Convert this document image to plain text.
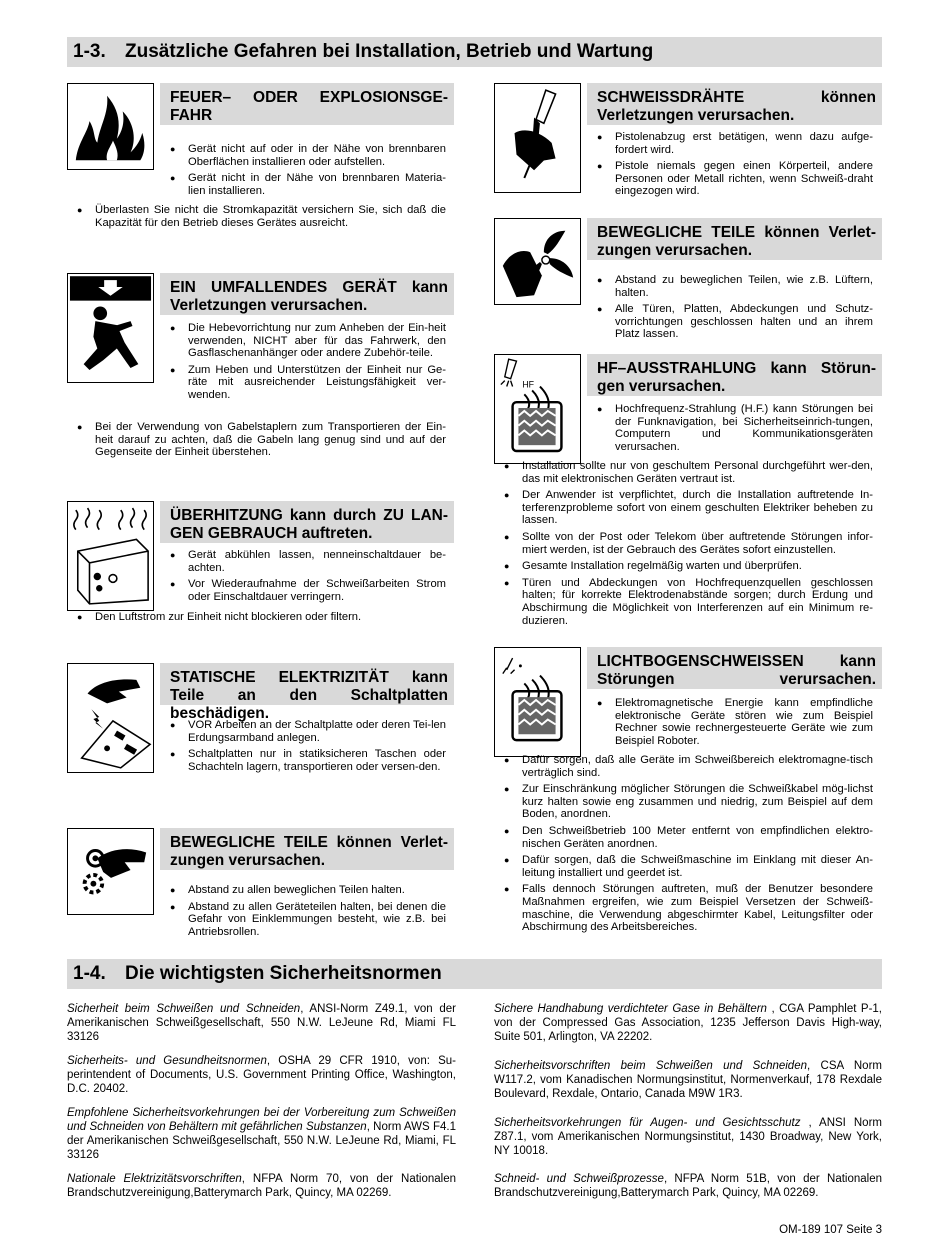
1-3. Zusätzliche Gefahren bei Installation, Betrieb und Wartung
FEUER– ODER EXPLOSIONSGE-FAHR
● Gerät nicht auf oder in der Nähe von brennbaren Oberflächen installieren oder aufstellen.
● Gerät nicht in der Nähe von brennbaren Materia-lien installieren.
● Überlasten Sie nicht die Stromkapazität versichern Sie, sich daß die Kapazität für den Betrieb dieses Gerätes ausreicht.
EIN UMFALLENDES GERÄT kann Verletzungen verursachen.
● Die Hebevorrichtung nur zum Anheben der Ein-heit verwenden, NICHT aber für das Fahrwerk, den Gasflaschenanhänger oder andere Zubehör-teile.
● Zum Heben und Unterstützen der Einheit nur Ge-räte mit ausreichender Leistungsfähigkeit ver-wenden.
● Bei der Verwendung von Gabelstaplern zum Transportieren der Ein-heit darauf zu achten, daß die Gabeln lang genug sind und auf der Gegenseite der Einheit überstehen.
ÜBERHITZUNG kann durch ZU LAN-GEN GEBRAUCH auftreten.
● Gerät abkühlen lassen, nenneinschaltdauer be-achten.
● Vor Wiederaufnahme der Schweißarbeiten Strom oder Einschaltdauer verringern.
● Den Luftstrom zur Einheit nicht blockieren oder filtern.
STATISCHE ELEKTRIZITÄT kann Teile an den Schaltplatten beschädigen.
● VOR Arbeiten an der Schaltplatte oder deren Tei-len Erdungsarmband anlegen.
● Schaltplatten nur in statiksicheren Taschen oder Schachteln lagern, transportieren oder versen-den.
BEWEGLICHE TEILE können Verlet-zungen verursachen.
● Abstand zu allen beweglichen Teilen halten.
● Abstand zu allen Geräteteilen halten, bei denen die Gefahr von Einklemmungen besteht, wie z.B. bei Antriebsrollen.
SCHWEISSDRÄHTE können Verletzungen verursachen.
● Pistolenabzug erst betätigen, wenn dazu aufge-fordert wird.
● Pistole niemals gegen einen Körperteil, andere Personen oder Metall richten, wenn Schweiß-draht eingezogen wird.
BEWEGLICHE TEILE können Verlet-zungen verursachen.
● Abstand zu beweglichen Teilen, wie z.B. Lüftern, halten.
● Alle Türen, Platten, Abdeckungen und Schutz-vorrichtungen geschlossen halten und an ihrem Platz lassen.
HF
HF–AUSSTRAHLUNG kann Störun-gen verursachen.
● Hochfrequenz-Strahlung (H.F.) kann Störungen bei der Funknavigation, bei Sicherheitseinrich-tungen, Computern und Kommunikationsgeräten verursachen.
● Installation sollte nur von geschultem Personal durchgeführt wer-den, das mit elektronischen Geräten vertraut ist.
● Der Anwender ist verpflichtet, durch die Installation auftretende In-terferenzprobleme sofort von einem geschulten Elektriker beheben zu lassen.
● Sollte von der Post oder Telekom über auftretende Störungen infor-miert werden, ist der Gebrauch des Gerätes sofort einzustellen.
● Gesamte Installation regelmäßig warten und überprüfen.
● Türen und Abdeckungen von Hochfrequenzquellen geschlossen halten; für korrekte Elektrodenabstände sorgen; durch Erdung und Abschirmung die Möglichkeit von Interferenzen auf ein Minimum re-duzieren.
LICHTBOGENSCHWEISSEN kann Störungen verursachen.
● Elektromagnetische Energie kann empfindliche elektronische Geräte stören wie zum Beispiel Rechner sowie rechnergesteuerte Geräte wie zum Beispiel Roboter.
● Dafür sorgen, daß alle Geräte im Schweißbereich elektromagne-tisch verträglich sind.
● Zur Einschränkung möglicher Störungen die Schweißkabel mög-lichst kurz halten sowie eng zusammen und niedrig, zum Beispiel auf dem Boden, anordnen.
● Den Schweißbetrieb 100 Meter entfernt von empfindlichen elektro-nischen Geräten anordnen.
● Dafür sorgen, daß die Schweißmaschine im Einklang mit dieser An-leitung installiert und geerdet ist.
● Falls dennoch Störungen auftreten, muß der Benutzer besondere Maßnahmen ergreifen, wie zum Beispiel Versetzen der Schweiß-maschine, die Verwendung abgeschirmter Kabel, Leitungsfilter oder Abschirmung des Arbeitsbereiches.
1-4. Die wichtigsten Sicherheitsnormen
Sicherheit beim Schweißen und Schneiden, ANSI-Norm Z49.1, von der Amerikanischen Schweißgesellschaft, 550 N.W. LeJeune Rd, Miami FL 33126
Sicherheits- und Gesundheitsnormen, OSHA 29 CFR 1910, von: Su-perintendent of Documents, U.S. Government Printing Office, Washington, D.C. 20402.
Empfohlene Sicherheitsvorkehrungen bei der Vorbereitung zum Schweißen und Schneiden von Behältern mit gefährlichen Substanzen, Norm AWS F4.1 der Amerikanischen Schweißgesellschaft, 550 N.W. LeJeune Rd, Miami, FL 33126
Nationale Elektrizitätsvorschriften, NFPA Norm 70, von der Nationalen Brandschutzvereinigung,Batterymarch Park, Quincy, MA 02269.
Sichere Handhabung verdichteter Gase in Behältern , CGA Pamphlet P-1, von der Compressed Gas Association, 1235 Jefferson Davis High-way, Suite 501, Arlington, VA 22202.
Sicherheitsvorschriften beim Schweißen und Schneiden, CSA Norm W117.2, vom Kanadischen Normungsinstitut, Normenverkauf, 178 Rexdale Boulevard, Rexdale, Ontario, Canada M9W 1R3.
Sicherheitsvorkehrungen für Augen- und Gesichtsschutz , ANSI Norm Z87.1, vom Amerikanischen Normungsinstitut, 1430 Broadway, New York, NY 10018.
Schneid- und Schweißprozesse, NFPA Norm 51B, von der Nationalen Brandschutzvereinigung,Batterymarch Park, Quincy, MA 02269.
OM-189 107 Seite 3
